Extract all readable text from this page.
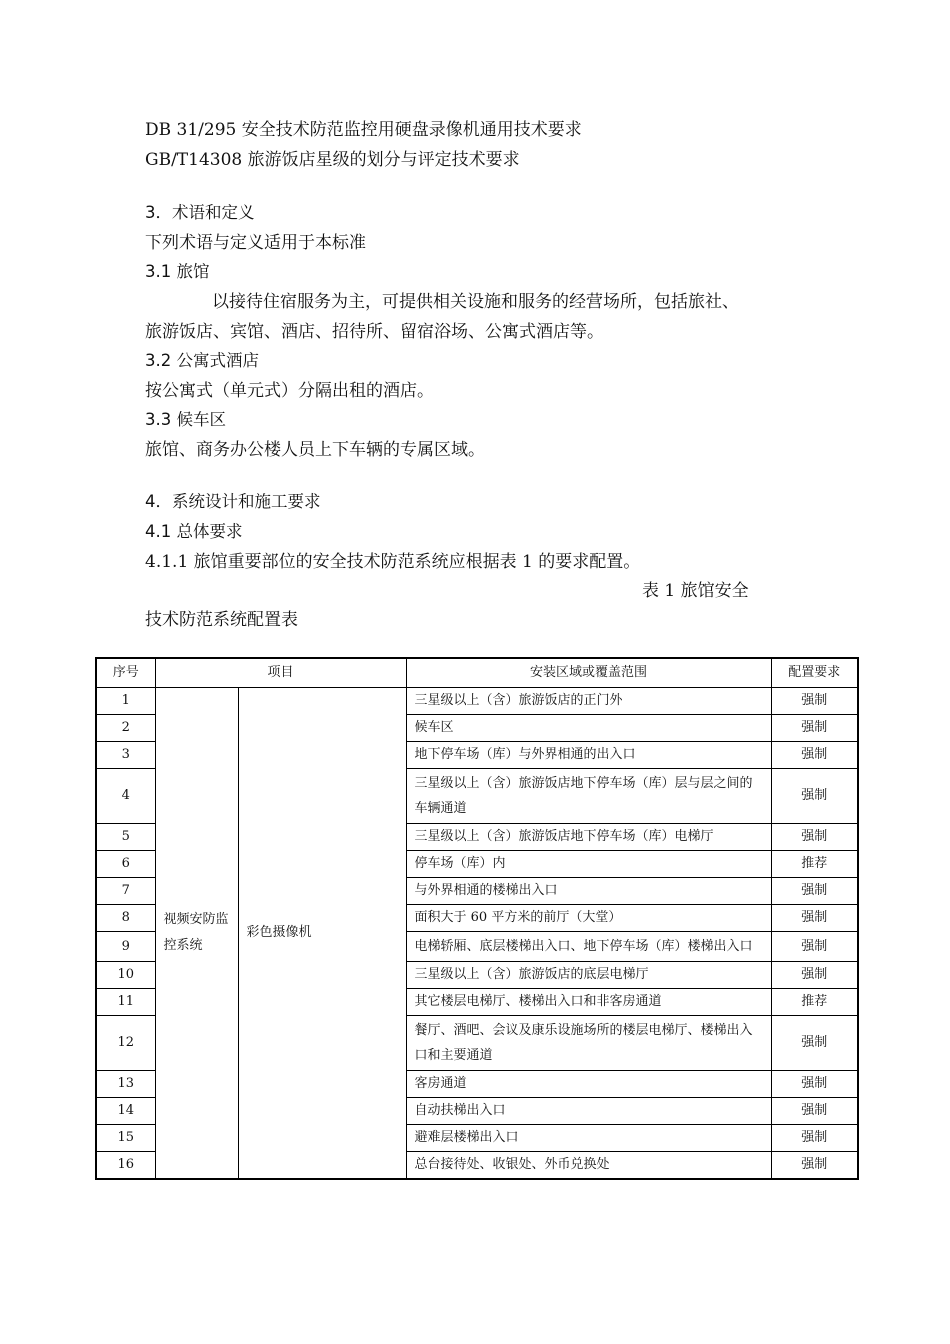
DB 31/295 安全技术防范监控用硬盘录像机通用技术要求
GB/T14308 旅游饭店星级的划分与评定技术要求
3．术语和定义
下列术语与定义适用于本标准
3.1 旅馆
以接待住宿服务为主，可提供相关设施和服务的经营场所，包括旅社、
旅游饭店、宾馆、酒店、招待所、留宿浴场、公寓式酒店等。
3.2 公寓式酒店
按公寓式（单元式）分隔出租的酒店。
3.3 候车区
旅馆、商务办公楼人员上下车辆的专属区域。
4．系统设计和施工要求
4.1 总体要求
4.1.1 旅馆重要部位的安全技术防范系统应根据表 1 的要求配置。
表 1 旅馆安全
技术防范系统配置表
序号	项目		安装区域或覆盖范围	配置要求
1	视频安防监控系统	彩色摄像机	三星级以上（含）旅游饭店的正门外	强制
2			候车区	强制
3			地下停车场（库）与外界相通的出入口	强制
4			三星级以上（含）旅游饭店地下停车场（库）层与层之间的车辆通道	强制
5			三星级以上（含）旅游饭店地下停车场（库）电梯厅	强制
6			停车场（库）内	推荐
7			与外界相通的楼梯出入口	强制
8			面积大于 60 平方米的前厅（大堂）	强制
9			电梯轿厢、底层楼梯出入口、地下停车场（库）楼梯出入口	强制
10			三星级以上（含）旅游饭店的底层电梯厅	强制
11			其它楼层电梯厅、楼梯出入口和非客房通道	推荐
12			餐厅、酒吧、会议及康乐设施场所的楼层电梯厅、楼梯出入口和主要通道	强制
13			客房通道	强制
14			自动扶梯出入口	强制
15			避难层楼梯出入口	强制
16			总台接待处、收银处、外币兑换处	强制
